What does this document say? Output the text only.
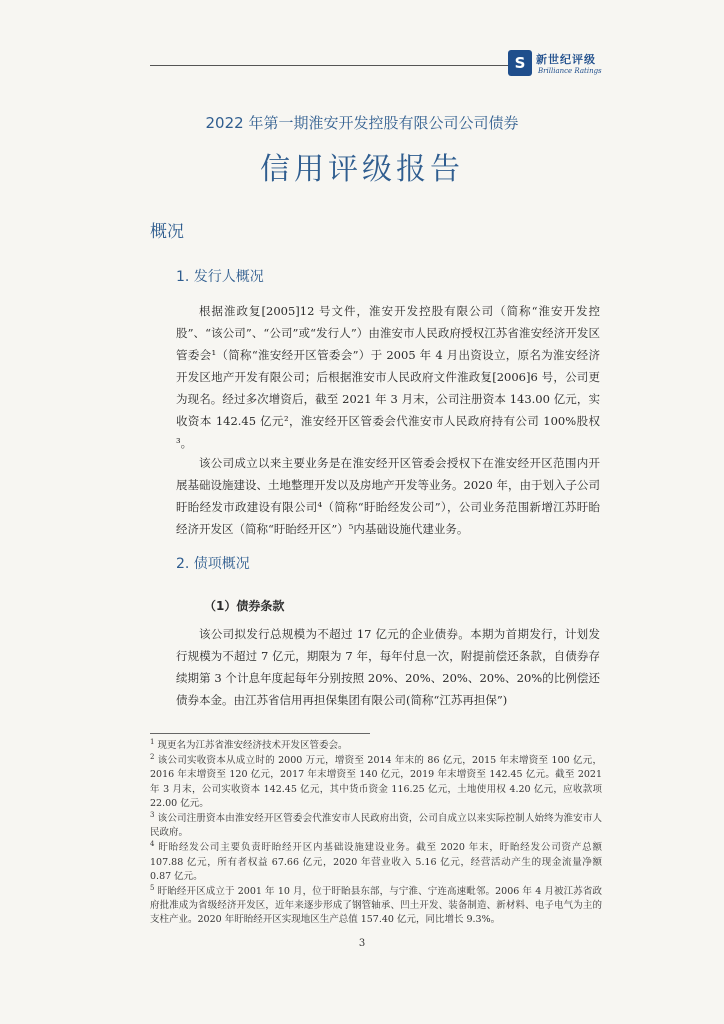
S 新世纪评级
Brilliance Ratings
2022 年第一期淮安开发控股有限公司公司债券
信用评级报告
概况
1. 发行人概况

根据淮政复[2005]12 号文件，淮安开发控股有限公司（简称“淮安开发控股”、“该公司”、“公司”或“发行人”）由淮安市人民政府授权江苏省淮安经济开发区管委会¹（简称“淮安经开区管委会”）于 2005 年 4 月出资设立，原名为淮安经济开发区地产开发有限公司；后根据淮安市人民政府文件淮政复[2006]6 号，公司更为现名。经过多次增资后，截至 2021 年 3 月末，公司注册资本 143.00 亿元，实收资本 142.45 亿元²，淮安经开区管委会代淮安市人民政府持有公司 100%股权³。

该公司成立以来主要业务是在淮安经开区管委会授权下在淮安经开区范围内开展基础设施建设、土地整理开发以及房地产开发等业务。2020 年，由于划入子公司盱眙经发市政建设有限公司⁴（简称“盱眙经发公司”），公司业务范围新增江苏盱眙经济开发区（简称“盱眙经开区”）⁵内基础设施代建业务。

2. 债项概况
（1）债券条款

该公司拟发行总规模为不超过 17 亿元的企业债券。本期为首期发行，计划发行规模为不超过 7 亿元，期限为 7 年，每年付息一次，附提前偿还条款，自债券存续期第 3 个计息年度起每年分别按照 20%、20%、20%、20%、20%的比例偿还债券本金。由江苏省信用再担保集团有限公司(简称“江苏再担保”)

$^1$ 现更名为江苏省淮安经济技术开发区管委会。

$^2$ 该公司实收资本从成立时的 2000 万元，增资至 2014 年末的 86 亿元，2015 年末增资至 100 亿元，2016 年末增资至 120 亿元，2017 年末增资至 140 亿元，2019 年末增资至 142.45 亿元。截至 2021 年 3 月末，公司实收资本 142.45 亿元，其中货币资金 116.25 亿元，土地使用权 4.20 亿元，应收款项 22.00 亿元。

$^3$ 该公司注册资本由淮安经开区管委会代淮安市人民政府出资，公司自成立以来实际控制人始终为淮安市人民政府。

$^4$ 盱眙经发公司主要负责盱眙经开区内基础设施建设业务。截至 2020 年末，盱眙经发公司资产总额 107.88 亿元，所有者权益 67.66 亿元，2020 年营业收入 5.16 亿元，经营活动产生的现金流量净额 0.87 亿元。

$^5$ 盱眙经开区成立于 2001 年 10 月，位于盱眙县东部，与宁淮、宁连高速毗邻。2006 年 4 月被江苏省政府批准成为省级经济开发区，近年来逐步形成了钢管轴承、凹土开发、装备制造、新材料、电子电气为主的支柱产业。2020 年盱眙经开区实现地区生产总值 157.40 亿元，同比增长 9.3%。

3
